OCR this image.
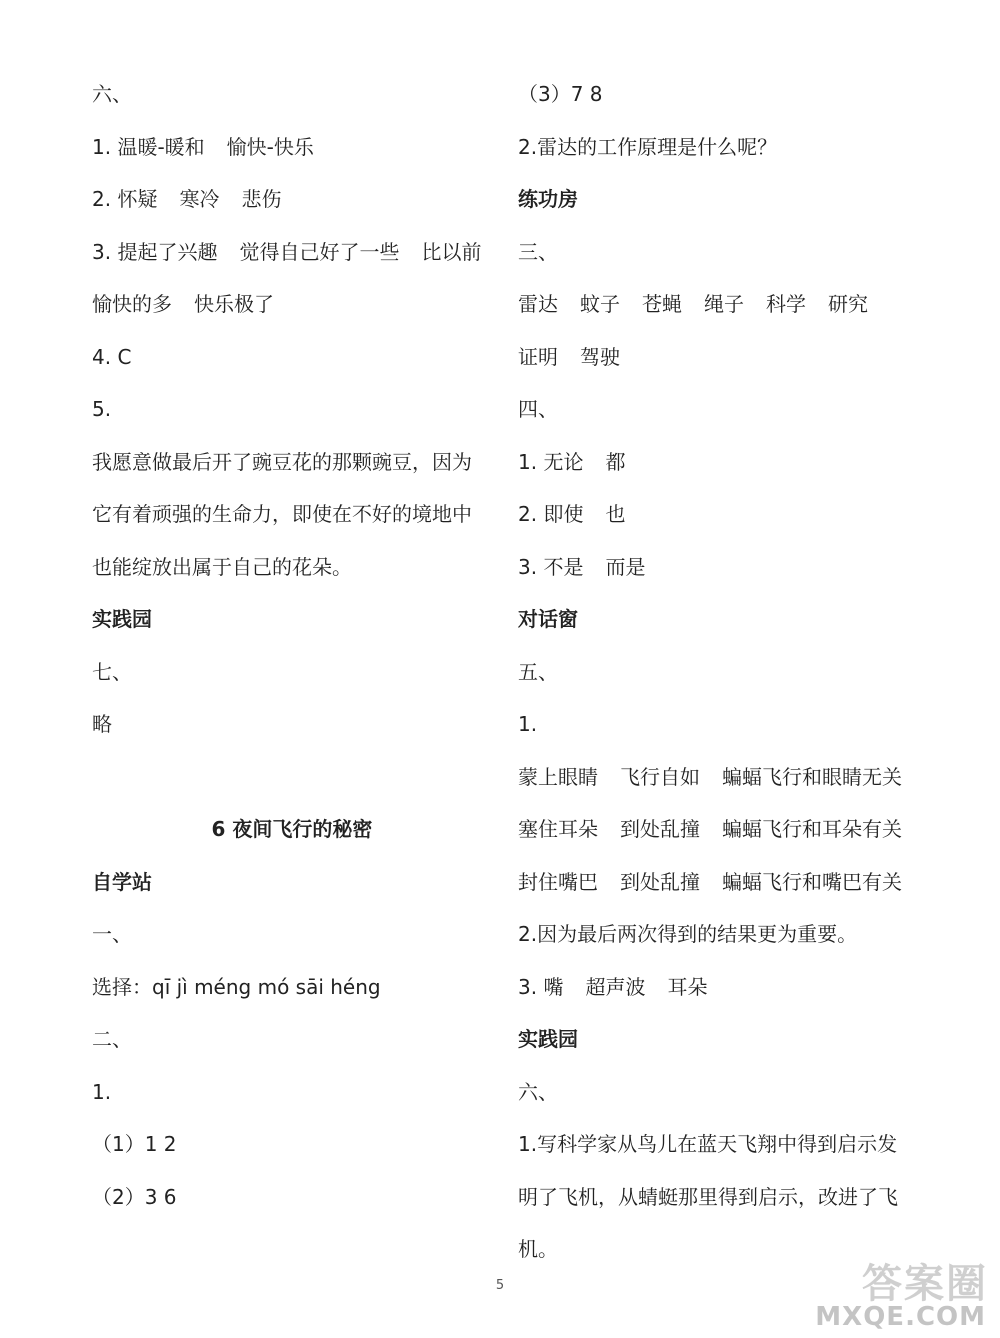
六、
1. 温暖-暖和 愉快-快乐
2. 怀疑 寒冷 悲伤
3. 提起了兴趣 觉得自己好了一些 比以前
愉快的多 快乐极了
4. C
5.
我愿意做最后开了豌豆花的那颗豌豆，因为
它有着顽强的生命力，即使在不好的境地中
也能绽放出属于自己的花朵。
实践园
七、
略
6 夜间飞行的秘密
自学站
一、
选择：qī jì méng mó sāi héng
二、
1.
（1）1 2
（2）3 6
（3）7 8
2.雷达的工作原理是什么呢？
练功房
三、
雷达 蚊子 苍蝇 绳子 科学 研究
证明 驾驶
四、
1. 无论 都
2. 即使 也
3. 不是 而是
对话窗
五、
1.
蒙上眼睛 飞行自如 蝙蝠飞行和眼睛无关
塞住耳朵 到处乱撞 蝙蝠飞行和耳朵有关
封住嘴巴 到处乱撞 蝙蝠飞行和嘴巴有关
2.因为最后两次得到的结果更为重要。
3. 嘴 超声波 耳朵
实践园
六、
1.写科学家从鸟儿在蓝天飞翔中得到启示发
明了飞机，从蜻蜓那里得到启示，改进了飞
机。
5	答案圈
MXQE.COM
